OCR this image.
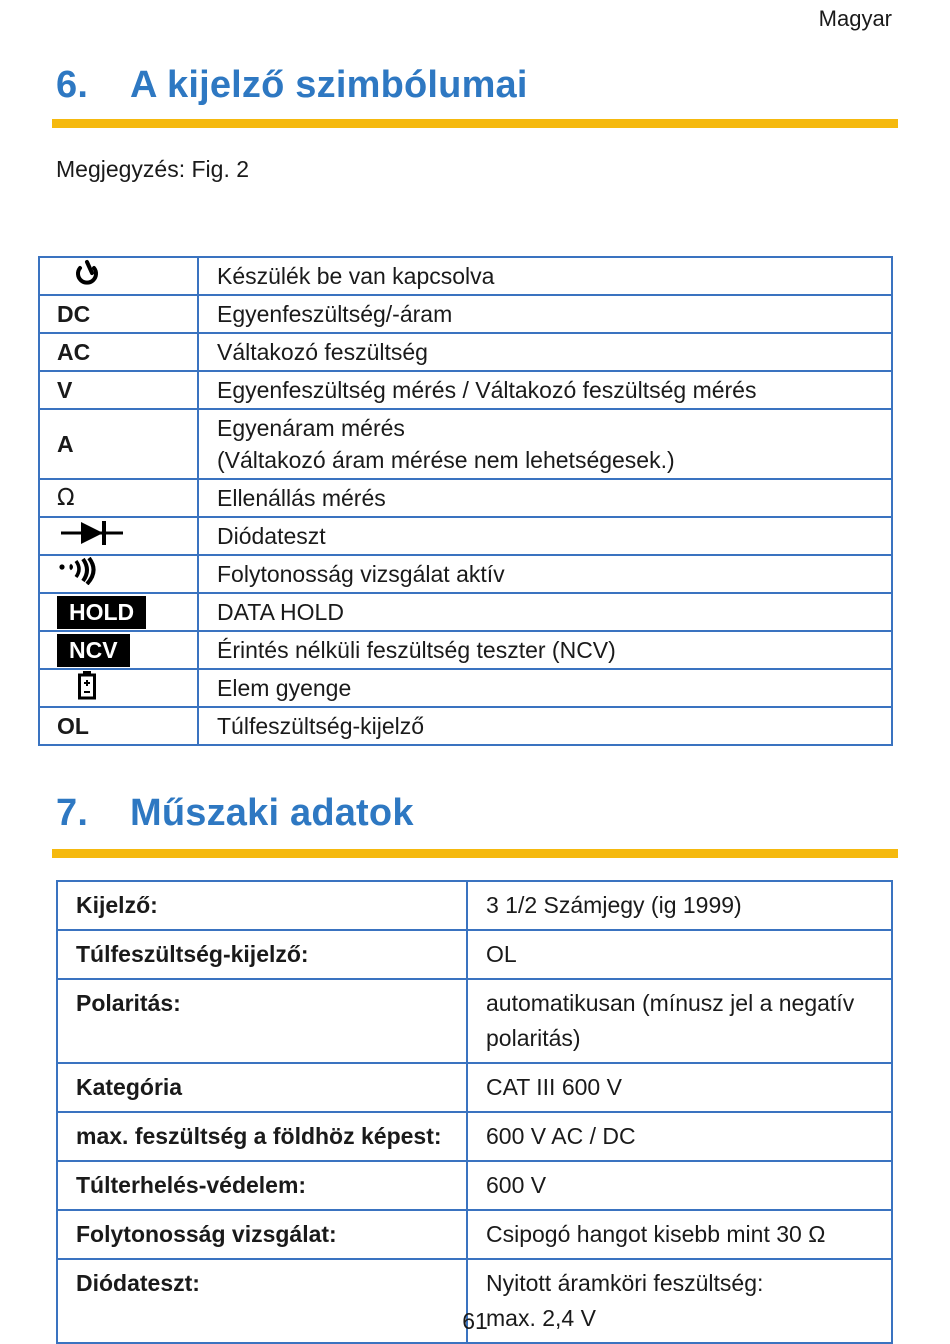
Magyar
6. A kijelző szimbólumai
Megjegyzés: Fig. 2
	Készülék be van kapcsolva
DC	Egyenfeszültség/-áram
AC	Váltakozó feszültség
V	Egyenfeszültség mérés / Váltakozó feszültség mérés
A	Egyenáram mérés
(Váltakozó áram mérése nem lehetségesek.)

Ω	Ellenállás mérés
	Diódateszt
	Folytonosság vizsgálat aktív
HOLD	DATA HOLD
NCV	Érintés nélküli feszültség teszter (NCV)

	Elem gyenge
OL	Túlfeszültség-kijelző
7. Műszaki adatok
Kijelző:	3 1/2 Számjegy (ig 1999)
Túlfeszültség-kijelző:	OL
Polaritás:	automatikusan (mínusz jel a negatív
polaritás)

Kategória	CAT III 600 V
max. feszültség a földhöz képest:	600 V AC / DC
Túlterhelés-védelem:	600 V
Folytonosság vizsgálat:	Csipogó hangot kisebb mint 30 Ω
Diódateszt:	Nyitott áramköri feszültség:
max. 2,4 V
61
